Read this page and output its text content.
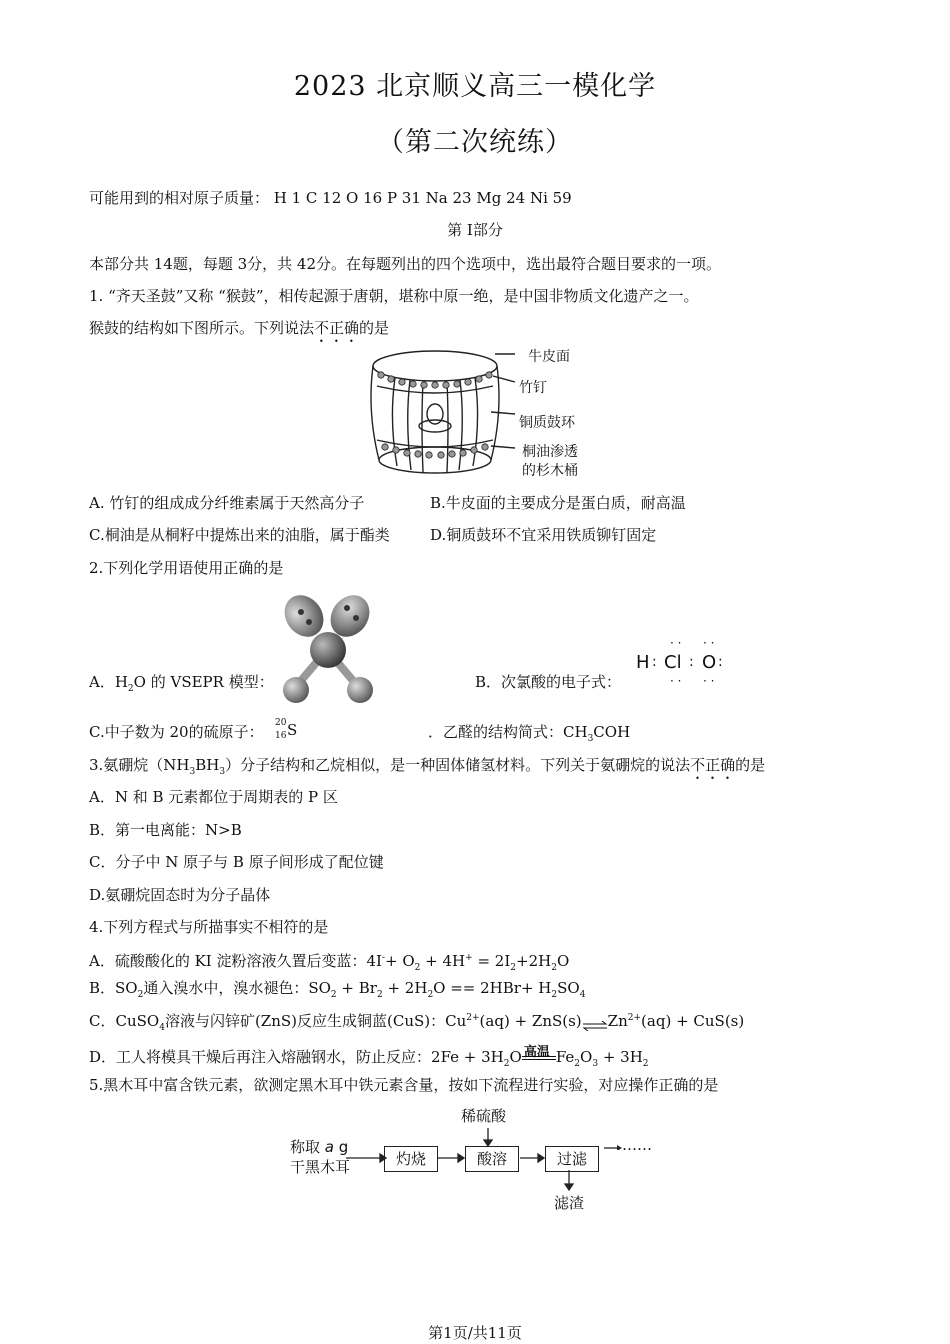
2023 北京顺义高三一模化学
（第二次统练）
可能用到的相对原子质量： H 1 C 12 O 16 P 31 Na 23 Mg 24 Ni 59
第 I部分
本部分共 14题，每题 3分，共 42分。在每题列出的四个选项中，选出最符合题目要求的一项。
1. “齐天圣鼓”又称 “猴鼓”，相传起源于唐朝，堪称中原一绝，是中国非物质文化遗产之一。
猴鼓的结构如下图所示。下列说法不正确的是
牛皮面
竹钉
铜质鼓环
桐油渗透
的杉木桶
A. 竹钉的组成成分纤维素属于天然高分子	B.牛皮面的主要成分是蛋白质，耐高温
C.桐油是从桐籽中提炼出来的油脂，属于酯类	D.铜质鼓环不宜采用铁质铆钉固定
2.下列化学用语使用正确的是
A．$H_2O$ 的 VSEPR 模型：	B．次氯酸的电子式：
· · · ·
H : Cl : O :
· · · ·
C.中子数为 20的硫原子： 20
16 S	．乙醛的结构简式：$CH_3COH$
3.氨硼烷$(NH_3BH_3)$分子结构和乙烷相似，是一种固体储氢材料。下列关于氨硼烷的说法不正确的是
A．N 和 B 元素都位于周期表的 P 区
B．第一电离能：N>B
C．分子中 N 原子与 B 原子间形成了配位键
D.氨硼烷固态时为分子晶体
4.下列方程式与所描事实不相符的是
A．硫酸酸化的 KI 淀粉溶液久置后变蓝：$4I^-+ O_2 + 4H^+ = 2I_2+2H_2O$
B．$SO_2$通入溴水中，溴水褪色：$SO_2 + Br_2 + 2H_2O == 2HBr+ H_2SO_4$
C．CuSO$_4$溶液与闪锌矿(ZnS)反应生成铜蓝(CuS)：$Cu^{2+}(aq)$ + $ZnS(s)\rightleftharpoons Zn^{2+}(aq) + CuS(s)$
D．工人将模具干燥后再注入熔融钢水，防止反应：$2Fe + 3H_2O$ 高温 $Fe_2O_3 + 3H_2$
5.黑木耳中富含铁元素，欲测定黑木耳中铁元素含量，按如下流程进行实验，对应操作正确的是
稀硫酸
称取 a g
干黑木耳	灼烧	酸溶	过滤
……
滤渣
第1页/共11页
